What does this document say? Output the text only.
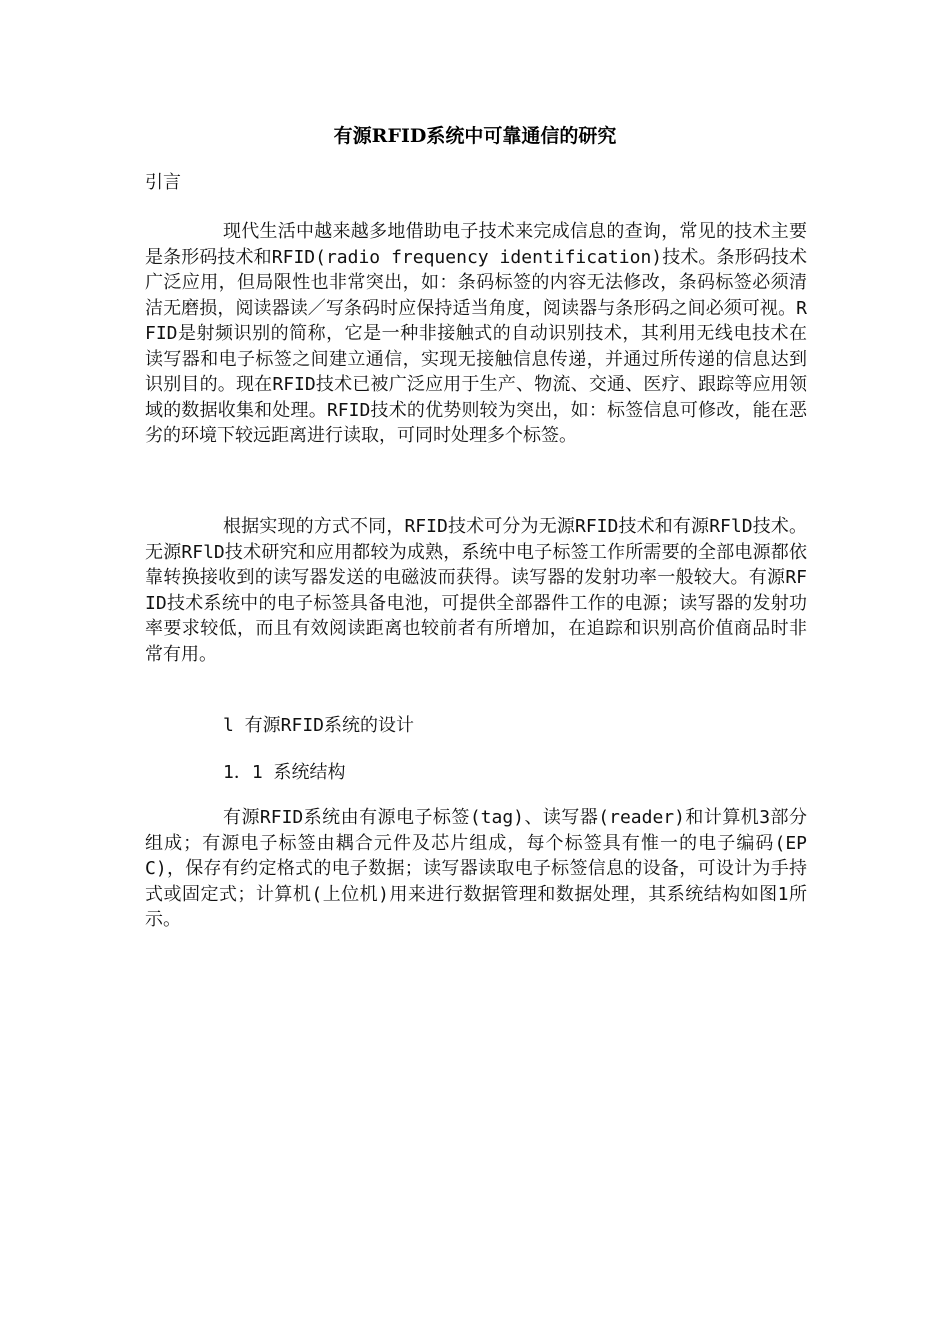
有源RFID系统中可靠通信的研究

引言

现代生活中越来越多地借助电子技术来完成信息的查询，常见的技术主要是条形码技术和RFID(radio frequency identification)技术。条形码技术广泛应用，但局限性也非常突出，如：条码标签的内容无法修改，条码标签必须清洁无磨损，阅读器读／写条码时应保持适当角度，阅读器与条形码之间必须可视。RFID是射频识别的简称，它是一种非接触式的自动识别技术，其利用无线电技术在读写器和电子标签之间建立通信，实现无接触信息传递，并通过所传递的信息达到识别目的。现在RFID技术已被广泛应用于生产、物流、交通、医疗、跟踪等应用领域的数据收集和处理。RFID技术的优势则较为突出，如：标签信息可修改，能在恶劣的环境下较远距离进行读取，可同时处理多个标签。

根据实现的方式不同，RFID技术可分为无源RFID技术和有源RFlD技术。无源RFlD技术研究和应用都较为成熟，系统中电子标签工作所需要的全部电源都依靠转换接收到的读写器发送的电磁波而获得。读写器的发射功率一般较大。有源RFID技术系统中的电子标签具备电池，可提供全部器件工作的电源；读写器的发射功率要求较低，而且有效阅读距离也较前者有所增加，在追踪和识别高价值商品时非常有用。

l 有源RFID系统的设计

1．1 系统结构

有源RFID系统由有源电子标签(tag)、读写器(reader)和计算机3部分组成；有源电子标签由耦合元件及芯片组成，每个标签具有惟一的电子编码(EPC)，保存有约定格式的电子数据；读写器读取电子标签信息的设备，可设计为手持式或固定式；计算机(上位机)用来进行数据管理和数据处理，其系统结构如图1所示。
